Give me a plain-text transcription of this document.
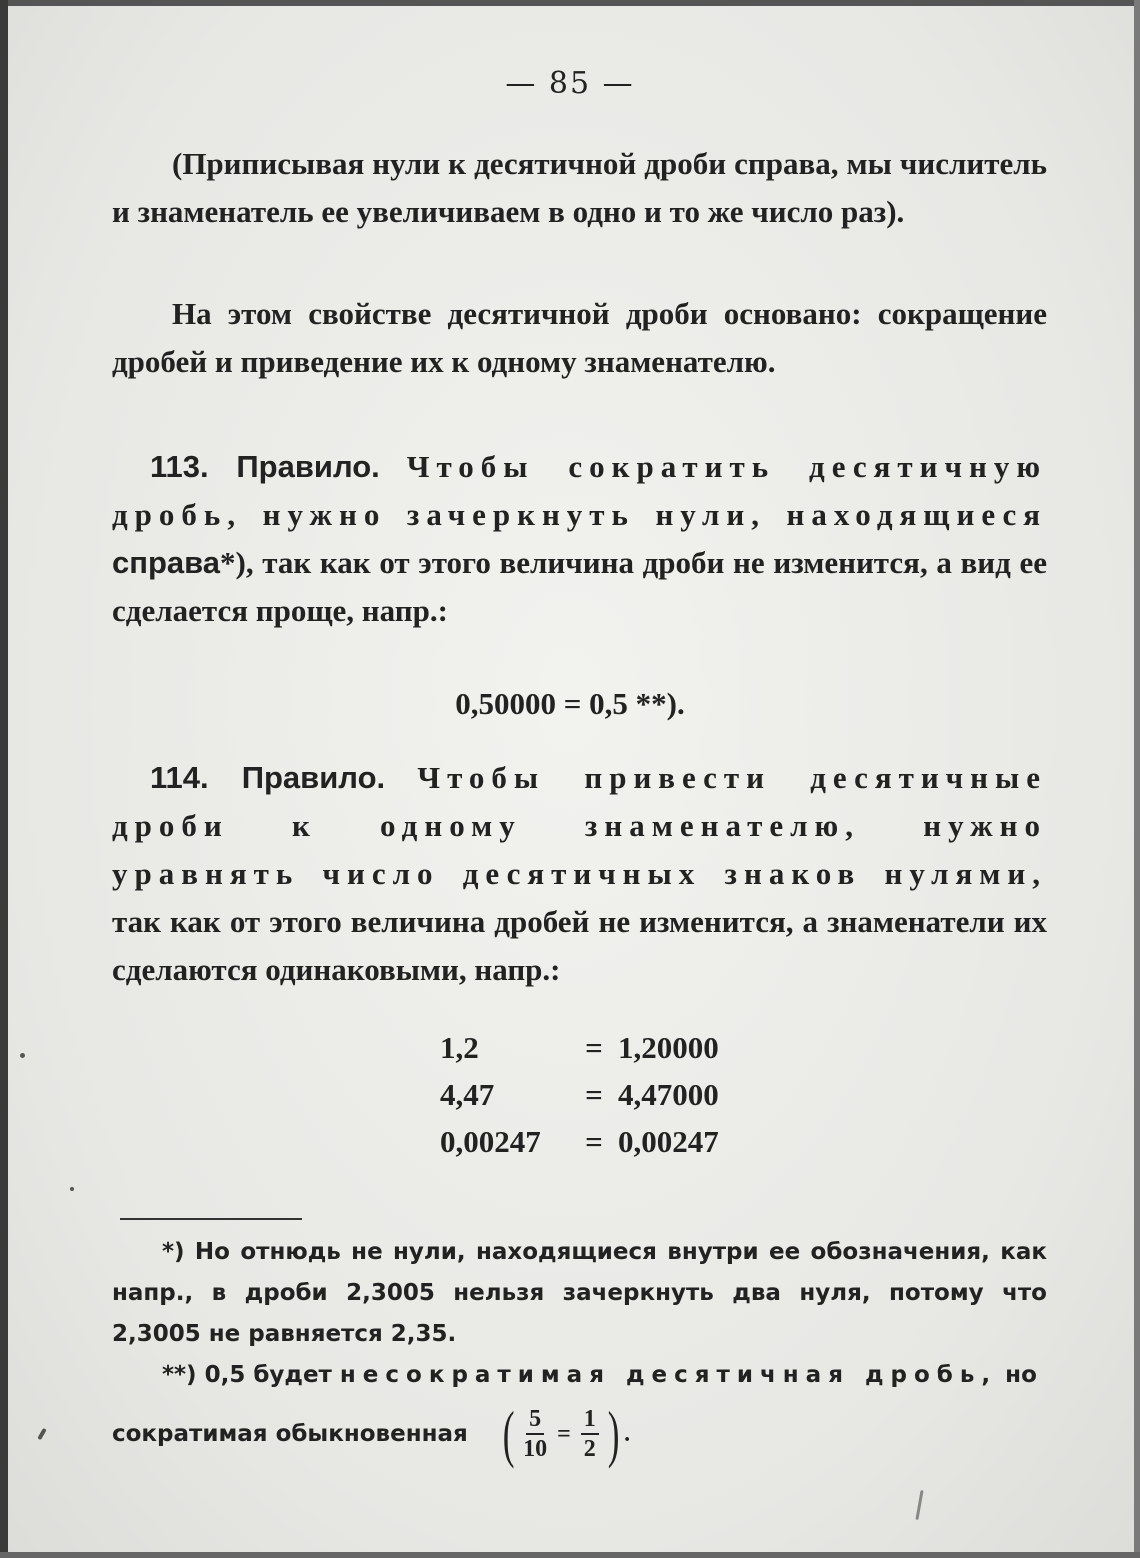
— 85 —

(Приписывая нули к десятичной дроби справа, мы числитель и знаменатель ее увеличиваем в одно и то же число раз).

На этом свойстве десятичной дроби основано: сокращение дробей и приведение их к одному знаменателю.

113. Правило. Чтобы сократить десятичную дробь, нужно зачеркнуть нули, находящиеся справа*), так как от этого величина дроби не изменится, а вид ее сделается проще, напр.:

0,50000 = 0,5 **).

114. Правило. Чтобы привести десятичные дроби к одному знаменателю, нужно уравнять число десятичных знаков нулями, так как от этого величина дробей не изменится, а знаменатели их сделаются одинаковыми, напр.:

1,2	= 1,20000
4,47	= 4,47000
0,00247	= 0,00247

*) Но отнюдь не нули, находящиеся внутри ее обозначения, как напр., в дроби 2,3005 нельзя зачеркнуть два нуля, потому что 2,3005 не равняется 2,35.

**) 0,5 будет несократимая десятичная дробь, но

сократимая обыкновенная ( $\frac{5}{10} = \frac{1}{2}$ ) .
